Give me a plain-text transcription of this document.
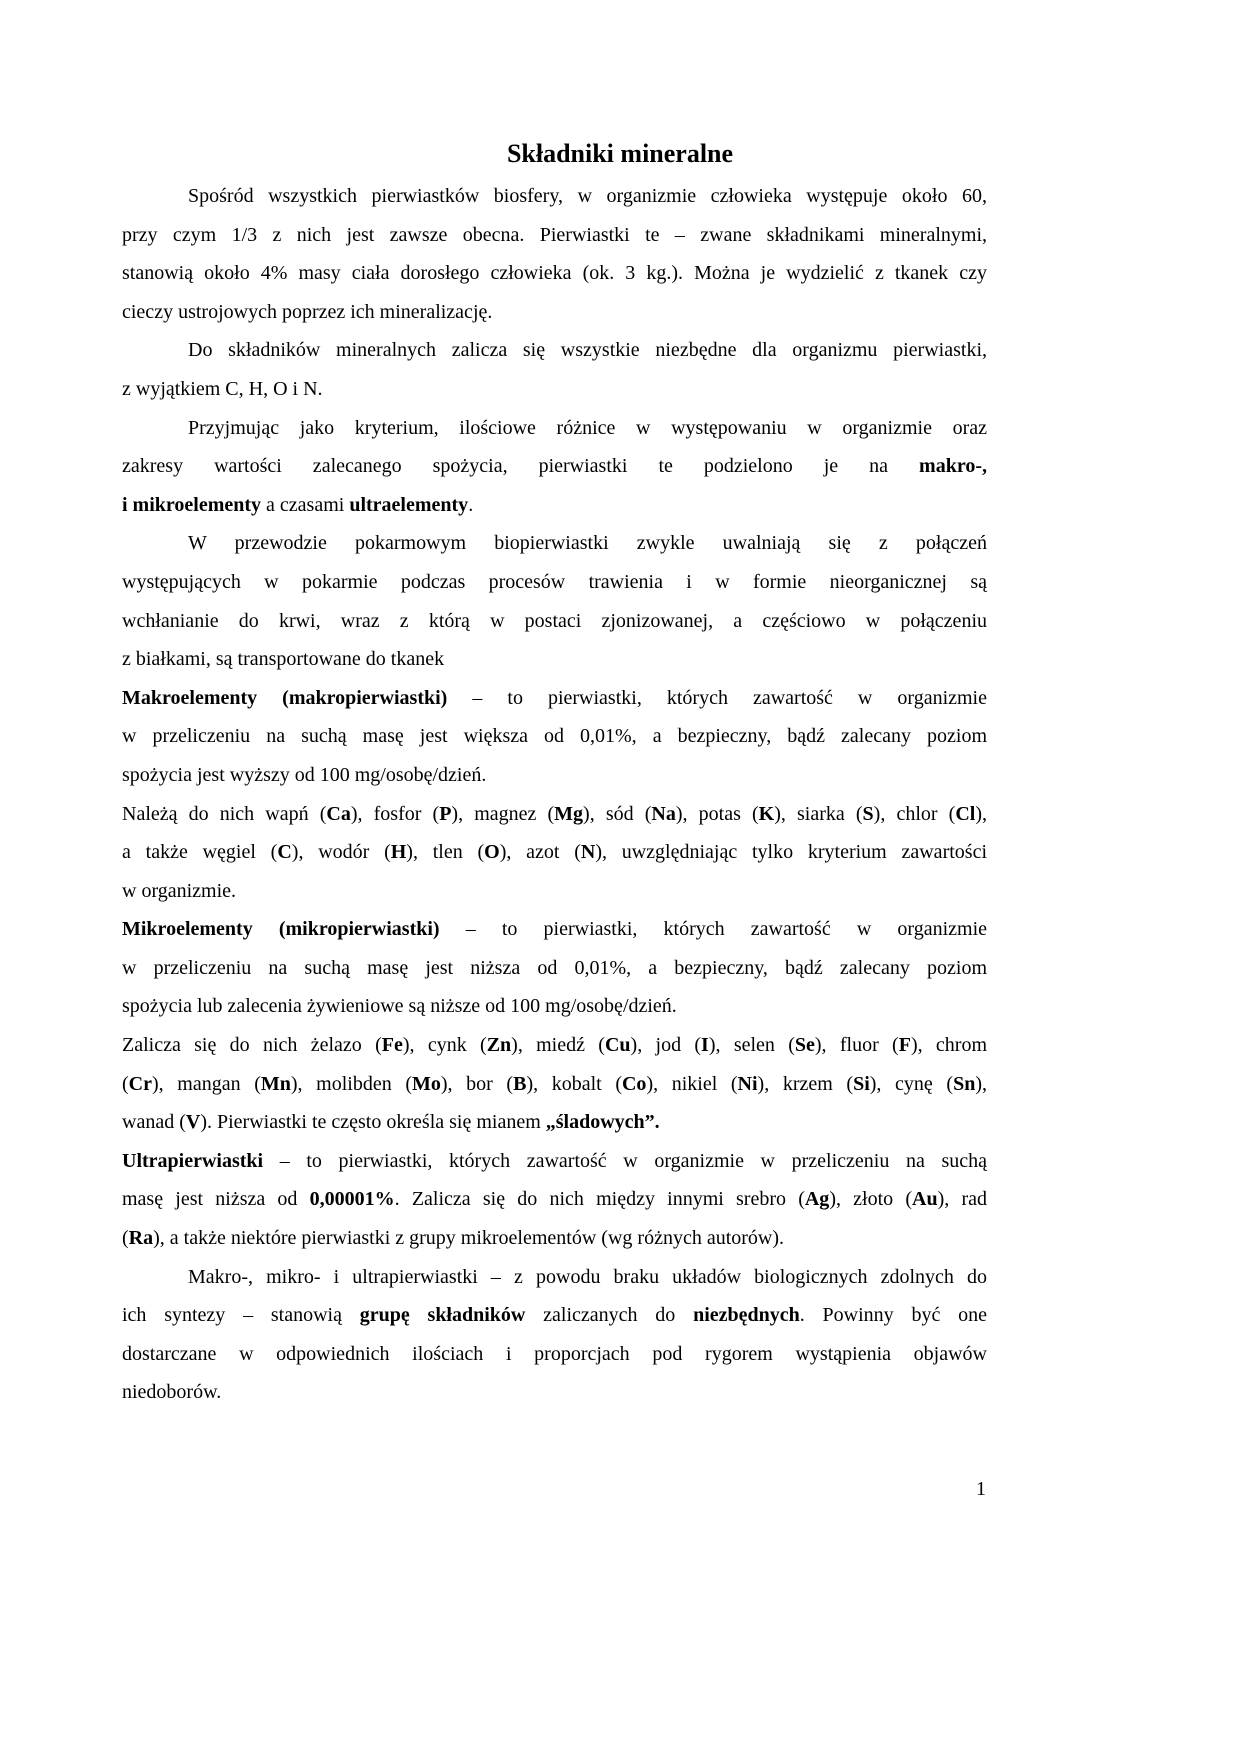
Składniki mineralne
Spośród wszystkich pierwiastków biosfery, w organizmie człowieka występuje około 60,
przy czym 1/3 z nich jest zawsze obecna. Pierwiastki te – zwane składnikami mineralnymi,
stanowią około 4% masy ciała dorosłego człowieka (ok. 3 kg.). Można je wydzielić z tkanek czy
cieczy ustrojowych poprzez ich mineralizację.
Do składników mineralnych zalicza się wszystkie niezbędne dla organizmu pierwiastki,
z wyjątkiem C, H, O i N.
Przyjmując jako kryterium, ilościowe różnice w występowaniu w organizmie oraz
zakresy wartości zalecanego spożycia, pierwiastki te podzielono je na makro-,
i mikroelementy a czasami ultraelementy.
W przewodzie pokarmowym biopierwiastki zwykle uwalniają się z połączeń
występujących w pokarmie podczas procesów trawienia i w formie nieorganicznej są
wchłanianie do krwi, wraz z którą w postaci zjonizowanej, a częściowo w połączeniu
z białkami, są transportowane do tkanek
Makroelementy (makropierwiastki) – to pierwiastki, których zawartość w organizmie
w przeliczeniu na suchą masę jest większa od 0,01%, a bezpieczny, bądź zalecany poziom
spożycia jest wyższy od 100 mg/osobę/dzień.
Należą do nich wapń (Ca), fosfor (P), magnez (Mg), sód (Na), potas (K), siarka (S), chlor (Cl),
a także węgiel (C), wodór (H), tlen (O), azot (N), uwzględniając tylko kryterium zawartości
w organizmie.
Mikroelementy (mikropierwiastki) – to pierwiastki, których zawartość w organizmie
w przeliczeniu na suchą masę jest niższa od 0,01%, a bezpieczny, bądź zalecany poziom
spożycia lub zalecenia żywieniowe są niższe od 100 mg/osobę/dzień.
Zalicza się do nich żelazo (Fe), cynk (Zn), miedź (Cu), jod (I), selen (Se), fluor (F), chrom
(Cr), mangan (Mn), molibden (Mo), bor (B), kobalt (Co), nikiel (Ni), krzem (Si), cynę (Sn),
wanad (V). Pierwiastki te często określa się mianem „śladowych”.
Ultrapierwiastki – to pierwiastki, których zawartość w organizmie w przeliczeniu na suchą
masę jest niższa od 0,00001%. Zalicza się do nich między innymi srebro (Ag), złoto (Au), rad
(Ra), a także niektóre pierwiastki z grupy mikroelementów (wg różnych autorów).
Makro-, mikro- i ultrapierwiastki – z powodu braku układów biologicznych zdolnych do
ich syntezy – stanowią grupę składników zaliczanych do niezbędnych. Powinny być one
dostarczane w odpowiednich ilościach i proporcjach pod rygorem wystąpienia objawów
niedoborów.
1
